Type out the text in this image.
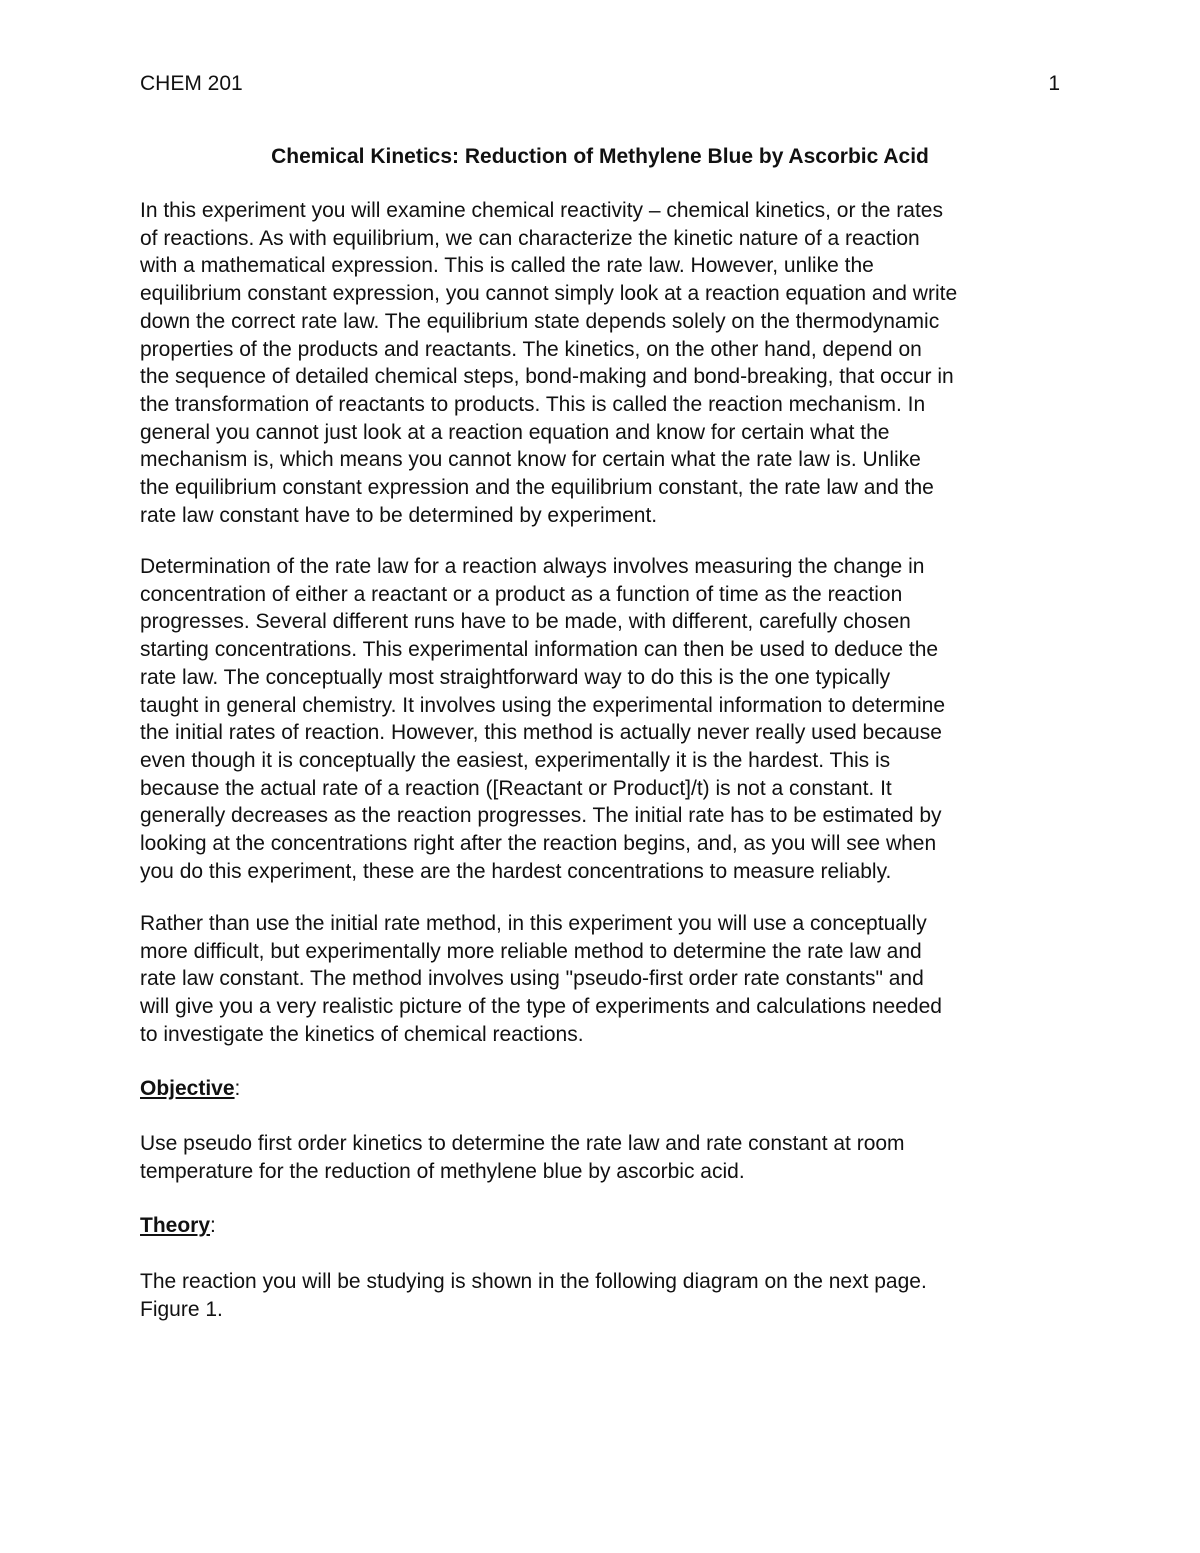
CHEM 201	1
Chemical Kinetics: Reduction of Methylene Blue by Ascorbic Acid

In this experiment you will examine chemical reactivity – chemical kinetics, or the rates
of reactions. As with equilibrium, we can characterize the kinetic nature of a reaction
with a mathematical expression. This is called the rate law. However, unlike the
equilibrium constant expression, you cannot simply look at a reaction equation and write
down the correct rate law. The equilibrium state depends solely on the thermodynamic
properties of the products and reactants. The kinetics, on the other hand, depend on
the sequence of detailed chemical steps, bond-making and bond-breaking, that occur in
the transformation of reactants to products. This is called the reaction mechanism. In
general you cannot just look at a reaction equation and know for certain what the
mechanism is, which means you cannot know for certain what the rate law is. Unlike
the equilibrium constant expression and the equilibrium constant, the rate law and the
rate law constant have to be determined by experiment.

Determination of the rate law for a reaction always involves measuring the change in
concentration of either a reactant or a product as a function of time as the reaction
progresses. Several different runs have to be made, with different, carefully chosen
starting concentrations. This experimental information can then be used to deduce the
rate law. The conceptually most straightforward way to do this is the one typically
taught in general chemistry. It involves using the experimental information to determine
the initial rates of reaction. However, this method is actually never really used because
even though it is conceptually the easiest, experimentally it is the hardest. This is
because the actual rate of a reaction ([Reactant or Product]/t) is not a constant. It
generally decreases as the reaction progresses. The initial rate has to be estimated by
looking at the concentrations right after the reaction begins, and, as you will see when
you do this experiment, these are the hardest concentrations to measure reliably.

Rather than use the initial rate method, in this experiment you will use a conceptually
more difficult, but experimentally more reliable method to determine the rate law and
rate law constant. The method involves using "pseudo-first order rate constants" and
will give you a very realistic picture of the type of experiments and calculations needed
to investigate the kinetics of chemical reactions.

Objective:

Use pseudo first order kinetics to determine the rate law and rate constant at room
temperature for the reduction of methylene blue by ascorbic acid.

Theory:

The reaction you will be studying is shown in the following diagram on the next page.
Figure 1.
